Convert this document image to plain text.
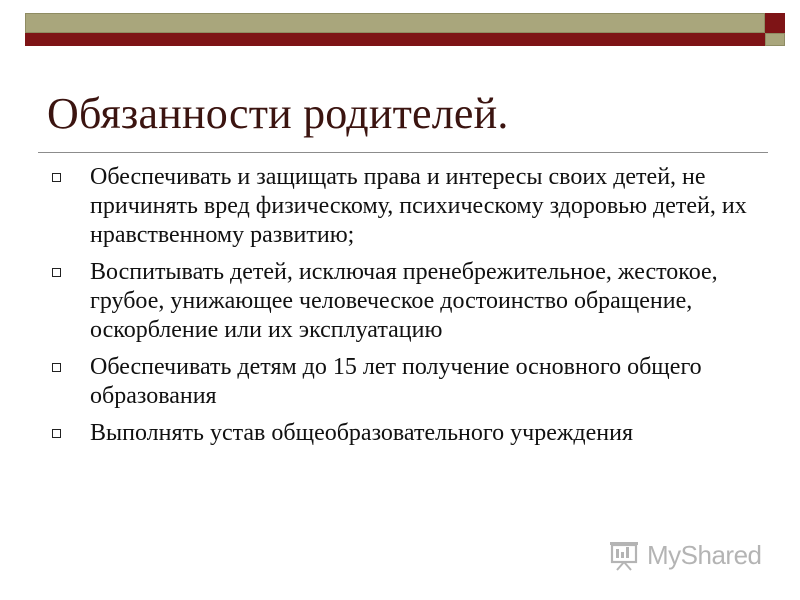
Обязанности родителей.
Обеспечивать и защищать права и интересы своих детей, не причинять вред физическому, психическому здоровью детей, их нравственному развитию;
Воспитывать детей, исключая пренебрежительное, жестокое, грубое, унижающее человеческое достоинство обращение, оскорбление или их эксплуатацию
Обеспечивать детям до 15 лет получение основного общего образования
Выполнять устав общеобразовательного учреждения
MyShared
